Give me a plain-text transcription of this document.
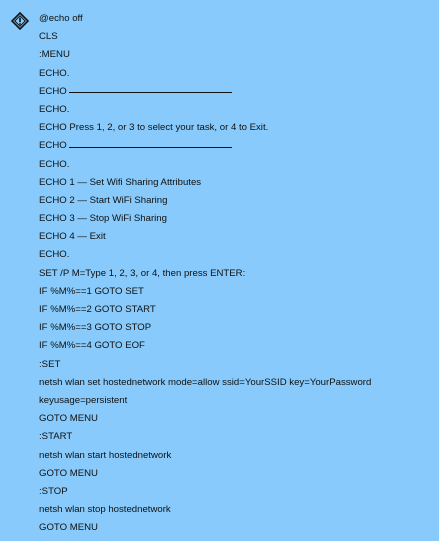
@echo off
CLS
:MENU
ECHO.
ECHO
ECHO.
ECHO Press 1, 2, or 3 to select your task, or 4 to Exit.
ECHO
ECHO.
ECHO 1 — Set Wifi Sharing Attributes
ECHO 2 — Start WiFi Sharing
ECHO 3 — Stop WiFi Sharing
ECHO 4 — Exit
ECHO.
SET /P M=Type 1, 2, 3, or 4, then press ENTER:
IF %M%==1 GOTO SET
IF %M%==2 GOTO START
IF %M%==3 GOTO STOP
IF %M%==4 GOTO EOF
:SET
netsh wlan set hostednetwork mode=allow ssid=YourSSID key=YourPassword keyusage=persistent
GOTO MENU
:START
netsh wlan start hostednetwork
GOTO MENU
:STOP
netsh wlan stop hostednetwork
GOTO MENU
